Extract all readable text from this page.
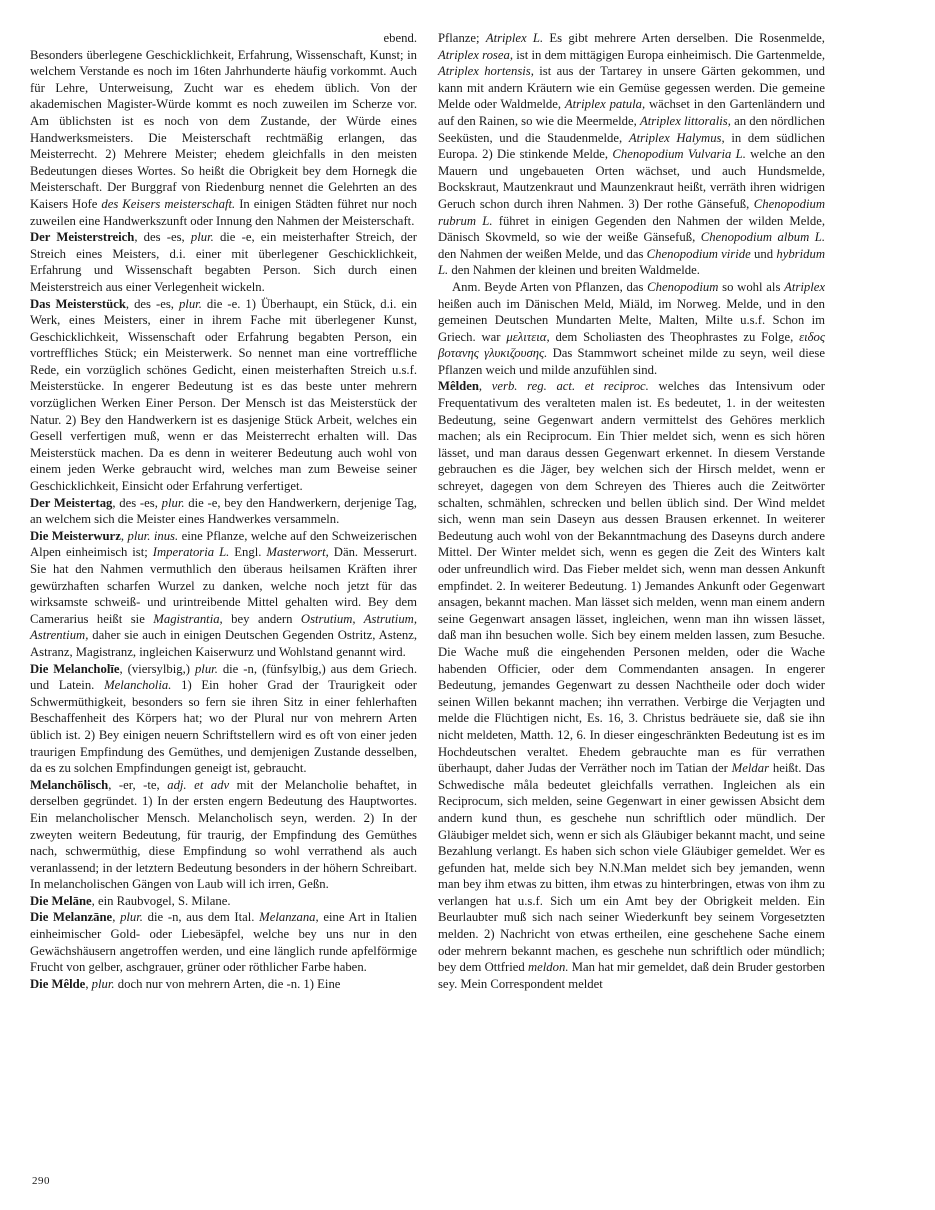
ebend.

Besonders überlegene Geschicklichkeit, Erfahrung, Wissenschaft, Kunst; in welchem Verstande es noch im 16ten Jahrhunderte häufig vorkommt. Auch für Lehre, Unterweisung, Zucht war es ehedem üblich. Von der akademischen Magister-Würde kommt es noch zuweilen im Scherze vor. Am üblichsten ist es noch von dem Zustande, der Würde eines Handwerksmeisters. Die Meisterschaft rechtmäßig erlangen, das Meisterrecht. 2) Mehrere Meister; ehedem gleichfalls in den meisten Bedeutungen dieses Wortes. So heißt die Obrigkeit bey dem Hornegk die Meisterschaft. Der Burggraf von Riedenburg nennet die Gelehrten an des Kaisers Hofe des Keisers meisterschaft. In einigen Städten führet nur noch zuweilen eine Handwerkszunft oder Innung den Nahmen der Meisterschaft.

Der Meisterstreich, des -es, plur. die -e, ein meisterhafter Streich, der Streich eines Meisters, d.i. einer mit überlegener Geschicklichkeit, Erfahrung und Wissenschaft begabten Person. Sich durch einen Meisterstreich aus einer Verlegenheit wickeln.

Das Meisterstück, des -es, plur. die -e. 1) Überhaupt, ein Stück, d.i. ein Werk, eines Meisters, einer in ihrem Fache mit überlegener Kunst, Geschicklichkeit, Wissenschaft oder Erfahrung begabten Person, ein vortreffliches Stück; ein Meisterwerk. So nennet man eine vortreffliche Rede, ein vorzüglich schönes Gedicht, einen meisterhaften Streich u.s.f. Meisterstücke. In engerer Bedeutung ist es das beste unter mehrern vorzüglichen Werken Einer Person. Der Mensch ist das Meisterstück der Natur. 2) Bey den Handwerkern ist es dasjenige Stück Arbeit, welches ein Gesell verfertigen muß, wenn er das Meisterrecht erhalten will. Das Meisterstück machen. Da es denn in weiterer Bedeutung auch wohl von einem jeden Werke gebraucht wird, welches man zum Beweise seiner Geschicklichkeit, Einsicht oder Erfahrung verfertiget.

Der Meistertag, des -es, plur. die -e, bey den Handwerkern, derjenige Tag, an welchem sich die Meister eines Handwerkes versammeln.

Die Meisterwurz, plur. inus. eine Pflanze, welche auf den Schweizerischen Alpen einheimisch ist; Imperatoria L. Engl. Masterwort, Dän. Messerurt. Sie hat den Nahmen vermuthlich den überaus heilsamen Kräften ihrer gewürzhaften scharfen Wurzel zu danken, welche noch jetzt für das wirksamste schweiß- und urintreibende Mittel gehalten wird. Bey dem Camerarius heißt sie Magistrantia, bey andern Ostrutium, Astrutium, Astrentium, daher sie auch in einigen Deutschen Gegenden Ostritz, Astenz, Astranz, Magistranz, ingleichen Kaiserwurz und Wohlstand genannt wird.

Die Melancholīe, (viersylbig,) plur. die -n, (fünfsylbig,) aus dem Griech. und Latein. Melancholia. 1) Ein hoher Grad der Traurigkeit oder Schwermüthigkeit, besonders so fern sie ihren Sitz in einer fehlerhaften Beschaffenheit des Körpers hat; wo der Plural nur von mehrern Arten üblich ist. 2) Bey einigen neuern Schriftstellern wird es oft von einer jeden traurigen Empfindung des Gemüthes, und demjenigen Zustande desselben, da es zu solchen Empfindungen geneigt ist, gebraucht.

Melanchōlisch, -er, -te, adj. et adv mit der Melancholie behaftet, in derselben gegründet. 1) In der ersten engern Bedeutung des Hauptwortes. Ein melancholischer Mensch. Melancholisch seyn, werden. 2) In der zweyten weitern Bedeutung, für traurig, der Empfindung des Gemüthes nach, schwermüthig, diese Empfindung so wohl verrathend als auch veranlassend; in der letztern Bedeutung besonders in der höhern Schreibart. In melancholischen Gängen von Laub will ich irren, Geßn.

Die Melāne, ein Raubvogel, S. Milane.

Die Melanzāne, plur. die -n, aus dem Ital. Melanzana, eine Art in Italien einheimischer Gold- oder Liebesäpfel, welche bey uns nur in den Gewächshäusern angetroffen werden, und eine länglich runde apfelförmige Frucht von gelber, aschgrauer, grüner oder röthlicher Farbe haben.

Die Mêlde, plur. doch nur von mehrern Arten, die -n. 1) Eine

Pflanze; Atriplex L. Es gibt mehrere Arten derselben. Die Rosenmelde, Atriplex rosea, ist in dem mittägigen Europa einheimisch. Die Gartenmelde, Atriplex hortensis, ist aus der Tartarey in unsere Gärten gekommen, und kann mit andern Kräutern wie ein Gemüse gegessen werden. Die gemeine Melde oder Waldmelde, Atriplex patula, wächset in den Gartenländern und auf den Rainen, so wie die Meermelde, Atriplex littoralis, an den nördlichen Seeküsten, und die Staudenmelde, Atriplex Halymus, in dem südlichen Europa. 2) Die stinkende Melde, Chenopodium Vulvaria L. welche an den Mauern und ungebaueten Orten wächset, und auch Hundsmelde, Bockskraut, Mautzenkraut und Maunzenkraut heißt, verräth ihren widrigen Geruch schon durch ihren Nahmen. 3) Der rothe Gänsefuß, Chenopodium rubrum L. führet in einigen Gegenden den Nahmen der wilden Melde, Dänisch Skovmeld, so wie der weiße Gänsefuß, Chenopodium album L. den Nahmen der weißen Melde, und das Chenopodium viride und hybridum L. den Nahmen der kleinen und breiten Waldmelde.

Anm. Beyde Arten von Pflanzen, das Chenopodium so wohl als Atriplex heißen auch im Dänischen Meld, Miäld, im Norweg. Melde, und in den gemeinen Deutschen Mundarten Melte, Malten, Milte u.s.f. Schon im Griech. war μελιτεια, dem Scholiasten des Theophrastes zu Folge, ειδος βοτανης γλυκιζουσης. Das Stammwort scheinet milde zu seyn, weil diese Pflanzen weich und milde anzufühlen sind.

Mêlden, verb. reg. act. et reciproc. welches das Intensivum oder Frequentativum des veralteten malen ist. Es bedeutet, 1. in der weitesten Bedeutung, seine Gegenwart andern vermittelst des Gehöres merklich machen; als ein Reciprocum. Ein Thier meldet sich, wenn es sich hören lässet, und man daraus dessen Gegenwart erkennet. In diesem Verstande gebrauchen es die Jäger, bey welchen sich der Hirsch meldet, wenn er schreyet, dagegen von dem Schreyen des Thieres auch die Zeitwörter schalten, schmählen, schrecken und bellen üblich sind. Der Wind meldet sich, wenn man sein Daseyn aus dessen Brausen erkennet. In weiterer Bedeutung auch wohl von der Bekanntmachung des Daseyns durch andere Mittel. Der Winter meldet sich, wenn es gegen die Zeit des Winters kalt oder unfreundlich wird. Das Fieber meldet sich, wenn man dessen Ankunft empfindet. 2. In weiterer Bedeutung. 1) Jemandes Ankunft oder Gegenwart ansagen, bekannt machen. Man lässet sich melden, wenn man einem andern seine Gegenwart ansagen lässet, ingleichen, wenn man ihn wissen lässet, daß man ihn besuchen wolle. Sich bey einem melden lassen, zum Besuche. Die Wache muß die eingehenden Personen melden, oder die Wache habenden Officier, oder dem Commendanten ansagen. In engerer Bedeutung, jemandes Gegenwart zu dessen Nachtheile oder doch wider seinen Willen bekannt machen; ihn verrathen. Verbirge die Verjagten und melde die Flüchtigen nicht, Es. 16, 3. Christus bedräuete sie, daß sie ihn nicht meldeten, Matth. 12, 6. In dieser eingeschränkten Bedeutung ist es im Hochdeutschen veraltet. Ehedem gebrauchte man es für verrathen überhaupt, daher Judas der Verräther noch im Tatian der Meldar heißt. Das Schwedische måla bedeutet gleichfalls verrathen. Ingleichen als ein Reciprocum, sich melden, seine Gegenwart in einer gewissen Absicht dem andern kund thun, es geschehe nun schriftlich oder mündlich. Der Gläubiger meldet sich, wenn er sich als Gläubiger bekannt macht, und seine Bezahlung verlangt. Es haben sich schon viele Gläubiger gemeldet. Wer es gefunden hat, melde sich bey N.N.Man meldet sich bey jemanden, wenn man bey ihm etwas zu bitten, ihm etwas zu hinterbringen, etwas von ihm zu verlangen hat u.s.f. Sich um ein Amt bey der Obrigkeit melden. Ein Beurlaubter muß sich nach seiner Wiederkunft bey seinem Vorgesetzten melden. 2) Nachricht von etwas ertheilen, eine geschehene Sache einem oder mehrern bekannt machen, es geschehe nun schriftlich oder mündlich; bey dem Ottfried meldon. Man hat mir gemeldet, daß dein Bruder gestorben sey. Mein Correspondent meldet

290
